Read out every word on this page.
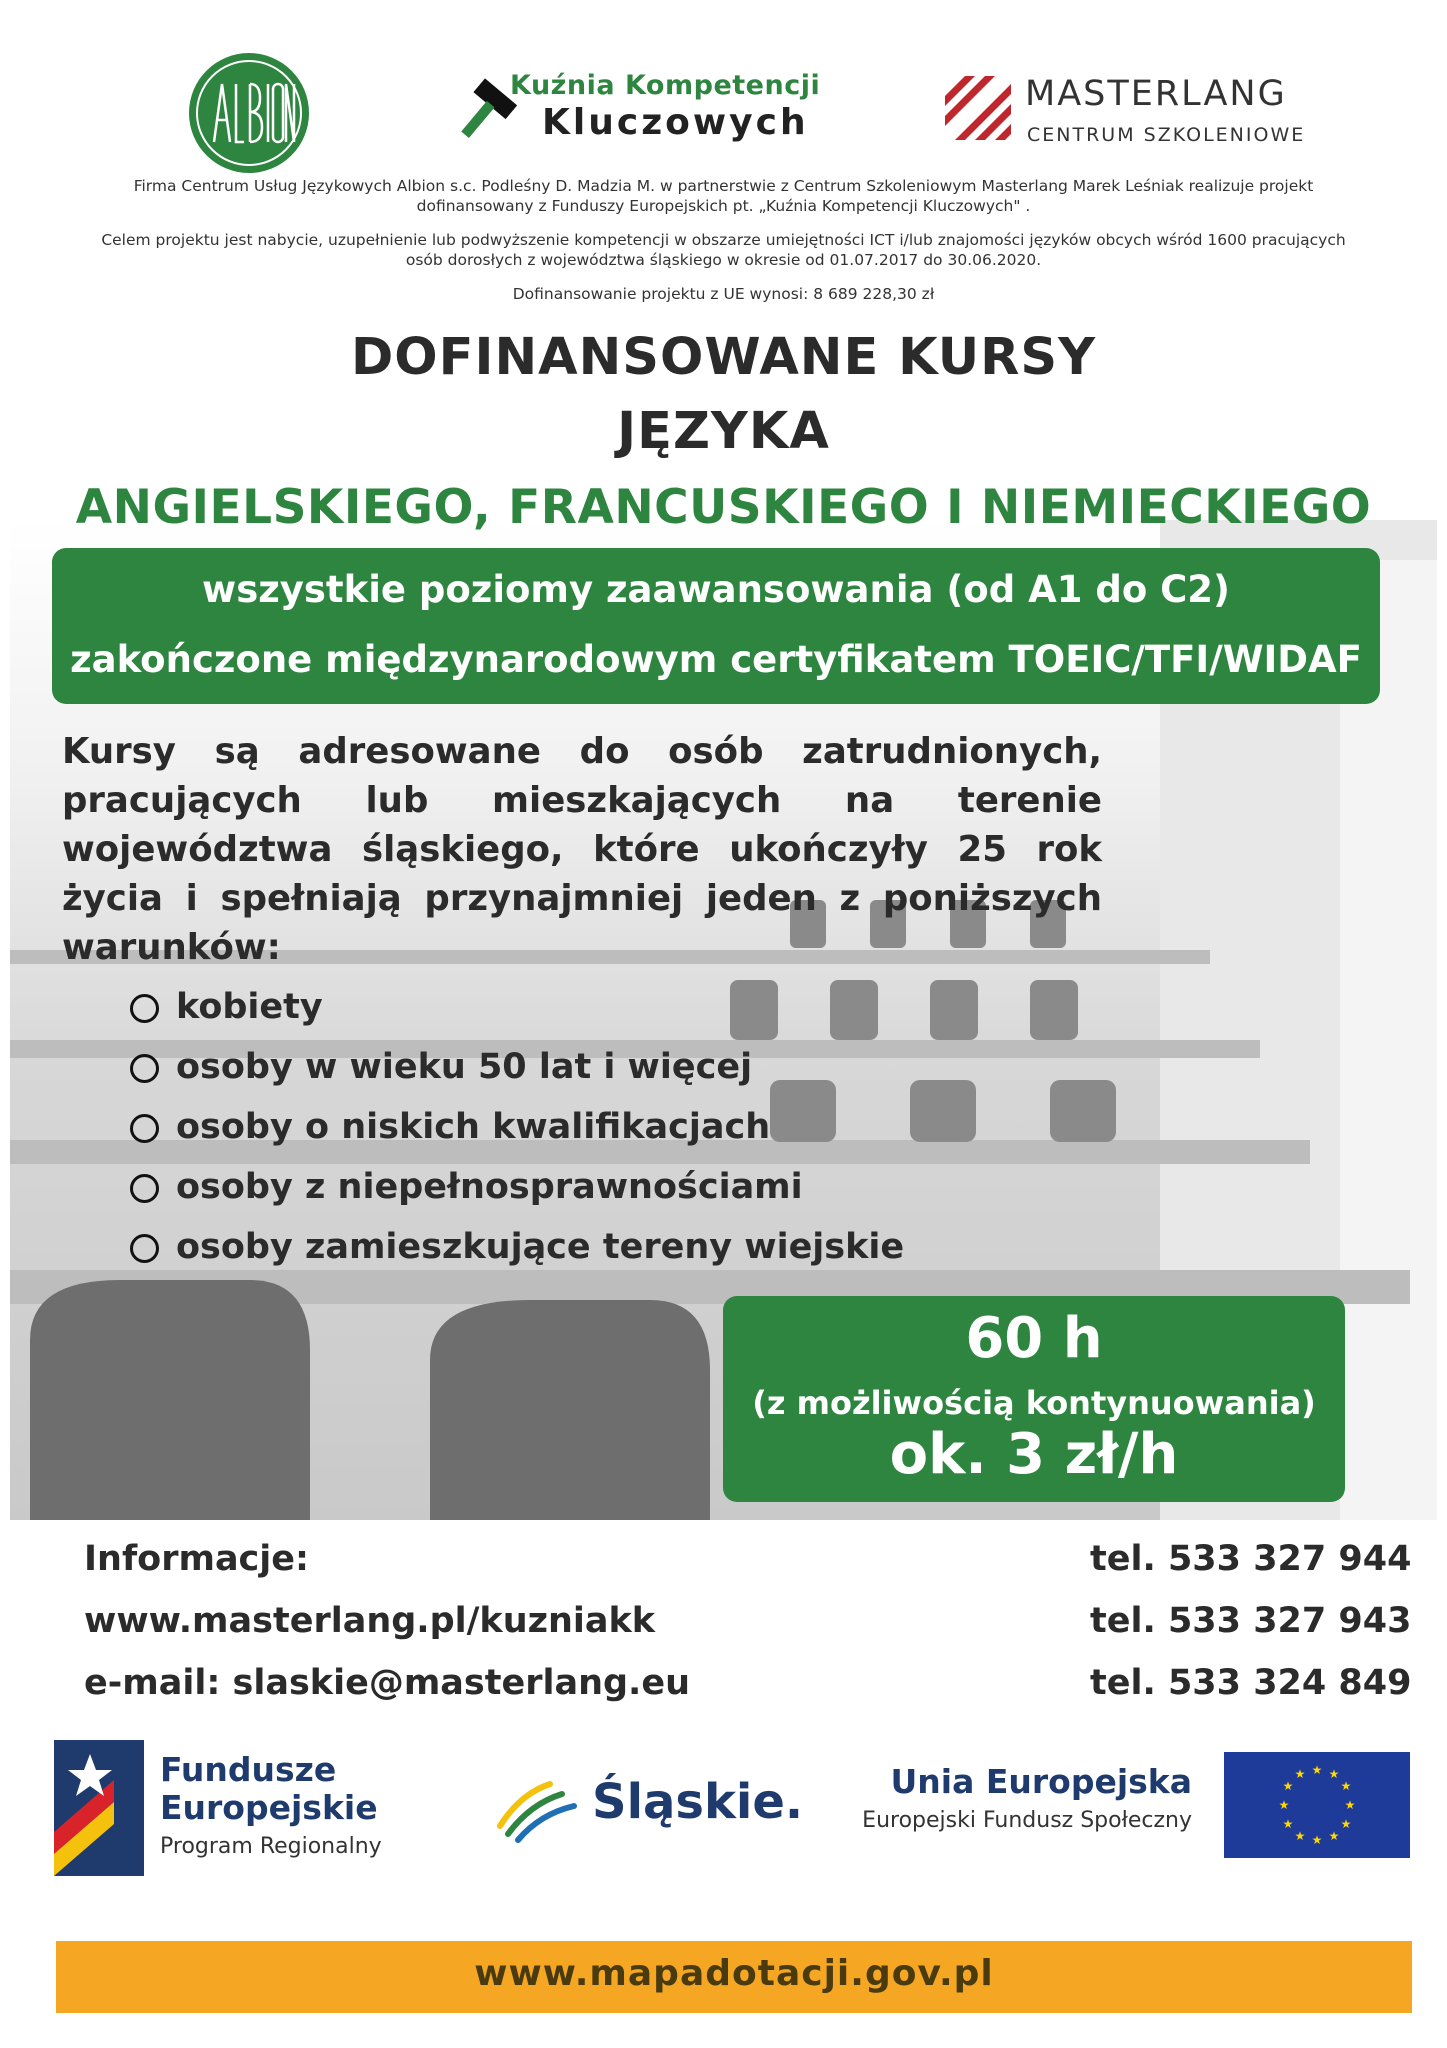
Kuźnia Kompetencji
Kluczowych
MASTERLANG
CENTRUM SZKOLENIOWE
Firma Centrum Usług Językowych Albion s.c. Podleśny D. Madzia M. w partnerstwie z Centrum Szkoleniowym Masterlang Marek Leśniak realizuje projekt
dofinansowany z Funduszy Europejskich pt. „Kuźnia Kompetencji Kluczowych" .
Celem projektu jest nabycie, uzupełnienie lub podwyższenie kompetencji w obszarze umiejętności ICT i/lub znajomości języków obcych wśród 1600 pracujących
osób dorosłych z województwa śląskiego w okresie od 01.07.2017 do 30.06.2020.
Dofinansowanie projektu z UE wynosi: 8 689 228,30 zł
DOFINANSOWANE KURSY
JĘZYKA
ANGIELSKIEGO, FRANCUSKIEGO I NIEMIECKIEGO
wszystkie poziomy zaawansowania (od A1 do C2)
zakończone międzynarodowym certyfikatem TOEIC/TFI/WIDAF
Kursy są adresowane do osób zatrudnionych, pracujących lub mieszkających na terenie województwa śląskiego, które ukończyły 25 rok życia i spełniają przynajmniej jeden z poniższych warunków:
kobiety
osoby w wieku 50 lat i więcej
osoby o niskich kwalifikacjach
osoby z niepełnosprawnościami
osoby zamieszkujące tereny wiejskie
60 h
(z możliwością kontynuowania)
ok. 3 zł/h
Informacje:
www.masterlang.pl/kuzniakk
e-mail: slaskie@masterlang.eu
tel. 533 327 944
tel. 533 327 943
tel. 533 324 849
Fundusze
Europejskie
Program Regionalny
Śląskie.	Unia Europejska
Europejski Fundusz Społeczny
★ ★
★
★
★
★
★
★
★
★
★
★
www.mapadotacji.gov.pl
